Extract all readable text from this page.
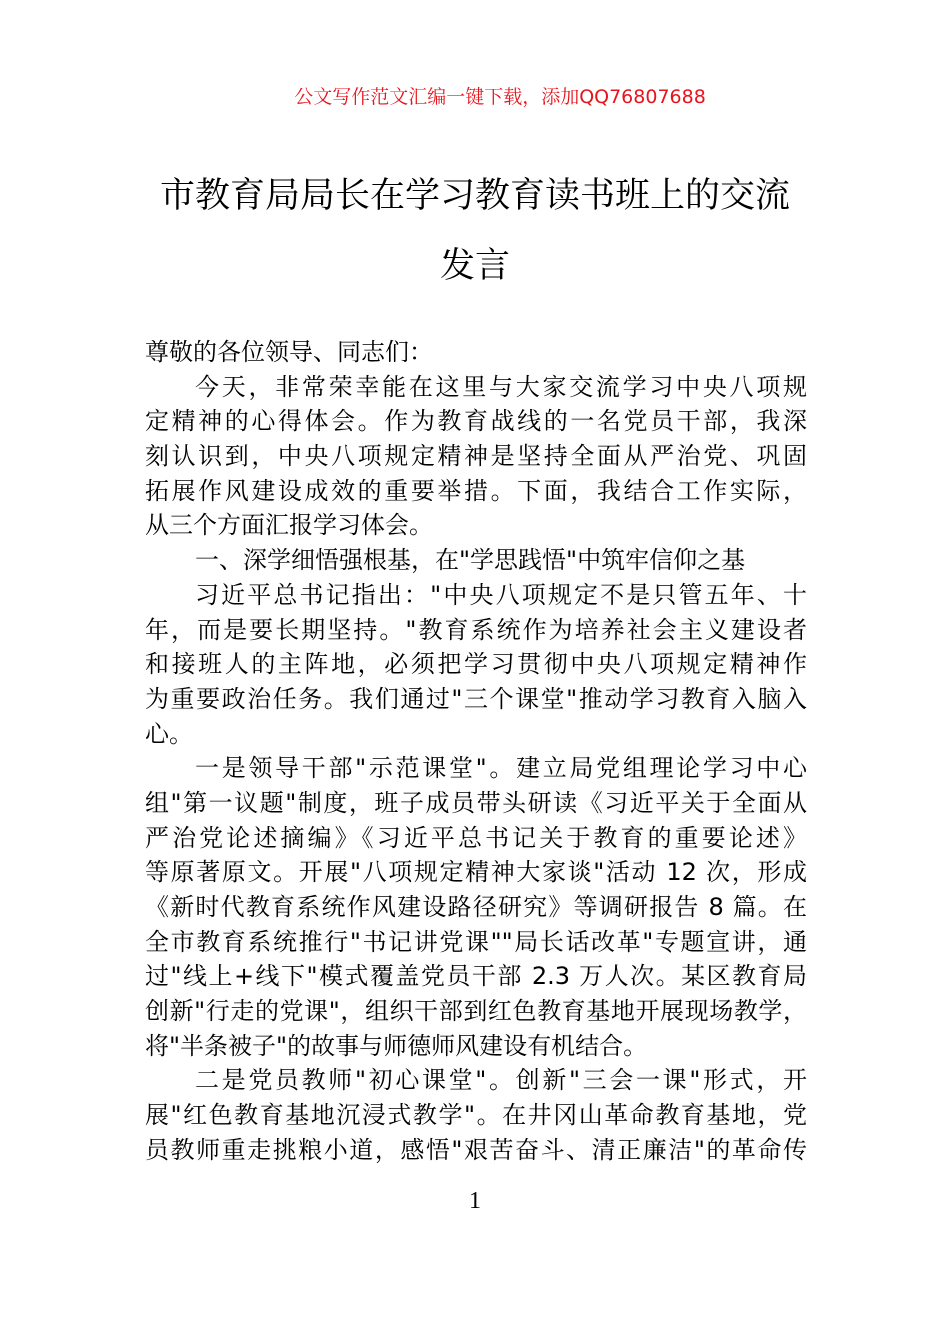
公文写作范文汇编一键下载，添加QQ76807688
市教育局局长在学习教育读书班上的交流
发言
尊敬的各位领导、同志们：
今天，非常荣幸能在这里与大家交流学习中央八项规
定精神的心得体会。作为教育战线的一名党员干部，我深
刻认识到，中央八项规定精神是坚持全面从严治党、巩固
拓展作风建设成效的重要举措。下面，我结合工作实际，
从三个方面汇报学习体会。
一、深学细悟强根基，在"学思践悟"中筑牢信仰之基
习近平总书记指出："中央八项规定不是只管五年、十
年，而是要长期坚持。"教育系统作为培养社会主义建设者
和接班人的主阵地，必须把学习贯彻中央八项规定精神作
为重要政治任务。我们通过"三个课堂"推动学习教育入脑入
心。
一是领导干部"示范课堂"。建立局党组理论学习中心
组"第一议题"制度，班子成员带头研读《习近平关于全面从
严治党论述摘编》《习近平总书记关于教育的重要论述》
等原著原文。开展"八项规定精神大家谈"活动 12 次，形成
《新时代教育系统作风建设路径研究》等调研报告 8 篇。在
全市教育系统推行"书记讲党课""局长话改革"专题宣讲，通
过"线上+线下"模式覆盖党员干部 2.3 万人次。某区教育局
创新"行走的党课"，组织干部到红色教育基地开展现场教学，
将"半条被子"的故事与师德师风建设有机结合。
二是党员教师"初心课堂"。创新"三会一课"形式，开
展"红色教育基地沉浸式教学"。在井冈山革命教育基地，党
员教师重走挑粮小道，感悟"艰苦奋斗、清正廉洁"的革命传
1
